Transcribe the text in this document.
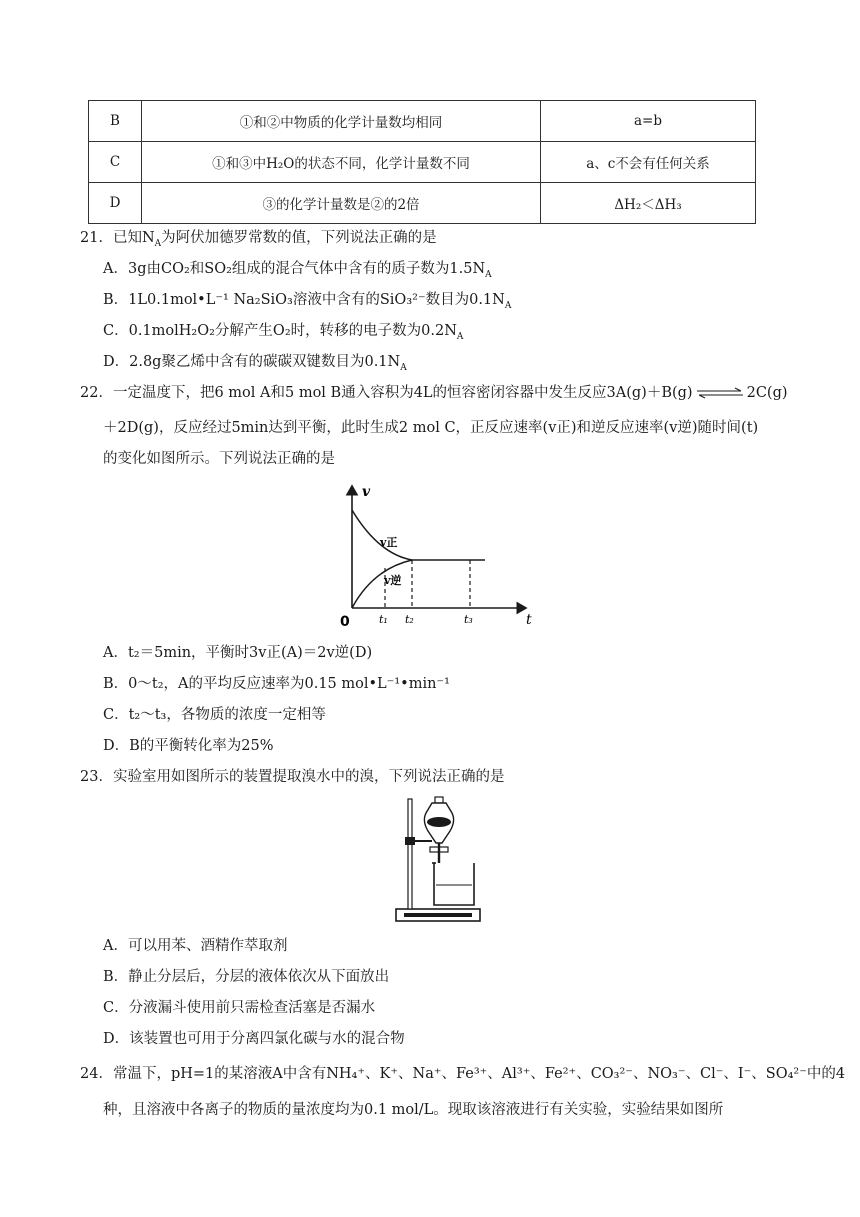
B	①和②中物质的化学计量数均相同	a=b
C	①和③中H₂O的状态不同，化学计量数不同	a、c不会有任何关系
D	③的化学计量数是②的2倍	ΔH₂＜ΔH₃
21．已知$N_A$为阿伏加德罗常数的值，下列说法正确的是
A．3g由CO₂和SO₂组成的混合气体中含有的质子数为$1.5N_A$
B．1L0.1mol•L⁻¹ Na₂SiO₃溶液中含有的SiO₃²⁻数目为$0.1N_A$
C．0.1molH₂O₂分解产生O₂时，转移的电子数为$0.2N_A$
D．2.8g聚乙烯中含有的碳碳双键数目为$0.1N_A$
22．一定温度下，把6 mol A和5 mol B通入容积为4L的恒容密闭容器中发生反应3A(g)＋B(g) ⇌ 2C(g)
＋2D(g)，反应经过5min达到平衡，此时生成2 mol C，正反应速率(v正)和逆反应速率(v逆)随时间(t)
的变化如图所示。下列说法正确的是
v
t
0
v正
v逆
t₁ t₂	t₃
A．t₂＝5min，平衡时3v正(A)＝2v逆(D)
B．0～t₂，A的平均反应速率为0.15 mol•L⁻¹•min⁻¹
C．t₂～t₃，各物质的浓度一定相等
D．B的平衡转化率为25%
23．实验室用如图所示的装置提取溴水中的溴，下列说法正确的是
A．可以用苯、酒精作萃取剂
B．静止分层后，分层的液体依次从下面放出
C．分液漏斗使用前只需检查活塞是否漏水
D．该装置也可用于分离四氯化碳与水的混合物
24．常温下，pH=1的某溶液A中含有NH₄⁺、K⁺、Na⁺、Fe³⁺、Al³⁺、Fe²⁺、CO₃²⁻、NO₃⁻、Cl⁻、I⁻、SO₄²⁻中的4
种，且溶液中各离子的物质的量浓度均为0.1 mol/L。现取该溶液进行有关实验，实验结果如图所
